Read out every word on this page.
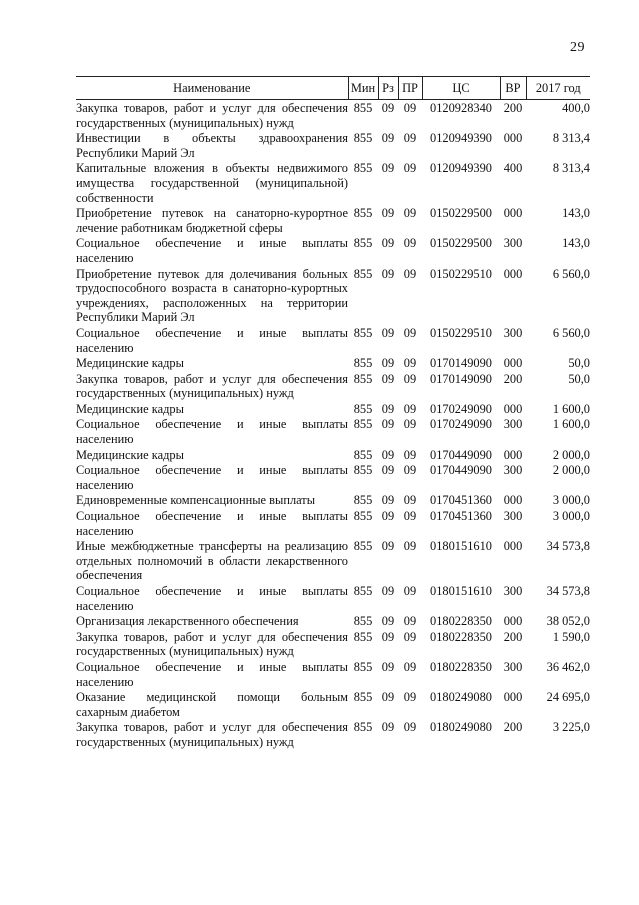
29
Наименование	Мин	Рз	ПР	ЦС	ВР	2017 год
Закупка товаров, работ и услуг для обеспечения государственных (муниципальных) нужд	855	09	09	0120928340	200	400,0
Инвестиции в объекты здравоохранения Республики Марий Эл	855	09	09	0120949390	000	8 313,4
Капитальные вложения в объекты недвижимого имущества государственной (муниципальной) собственности	855	09	09	0120949390	400	8 313,4
Приобретение путевок на санаторно-курортное лечение работникам бюджетной сферы	855	09	09	0150229500	000	143,0
Социальное обеспечение и иные выплаты населению	855	09	09	0150229500	300	143,0
Приобретение путевок для долечивания больных трудоспособного возраста в санаторно-курортных учреждениях, расположенных на территории Республики Марий Эл	855	09	09	0150229510	000	6 560,0
Социальное обеспечение и иные выплаты населению	855	09	09	0150229510	300	6 560,0
Медицинские кадры	855	09	09	0170149090	000	50,0
Закупка товаров, работ и услуг для обеспечения государственных (муниципальных) нужд	855	09	09	0170149090	200	50,0
Медицинские кадры	855	09	09	0170249090	000	1 600,0
Социальное обеспечение и иные выплаты населению	855	09	09	0170249090	300	1 600,0
Медицинские кадры	855	09	09	0170449090	000	2 000,0
Социальное обеспечение и иные выплаты населению	855	09	09	0170449090	300	2 000,0
Единовременные компенсационные выплаты	855	09	09	0170451360	000	3 000,0
Социальное обеспечение и иные выплаты населению	855	09	09	0170451360	300	3 000,0
Иные межбюджетные трансферты на реализацию отдельных полномочий в области лекарственного обеспечения	855	09	09	0180151610	000	34 573,8
Социальное обеспечение и иные выплаты населению	855	09	09	0180151610	300	34 573,8
Организация лекарственного обеспечения	855	09	09	0180228350	000	38 052,0
Закупка товаров, работ и услуг для обеспечения государственных (муниципальных) нужд	855	09	09	0180228350	200	1 590,0
Социальное обеспечение и иные выплаты населению	855	09	09	0180228350	300	36 462,0
Оказание медицинской помощи больным сахарным диабетом	855	09	09	0180249080	000	24 695,0
Закупка товаров, работ и услуг для обеспечения государственных (муниципальных) нужд	855	09	09	0180249080	200	3 225,0
